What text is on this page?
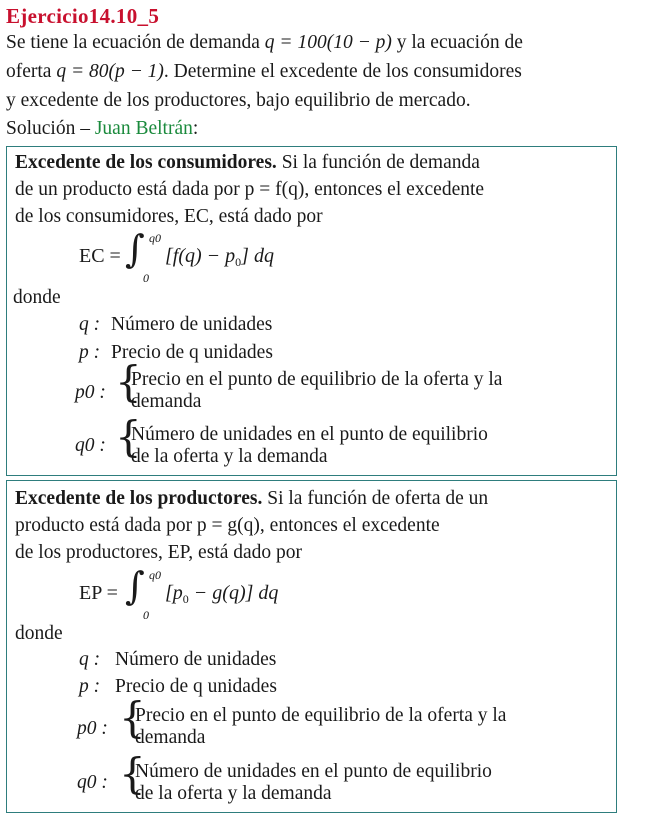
Ejercicio14.10_5
Se tiene la ecuación de demanda q = 100(10 − p) y la ecuación de
oferta q = 80(p − 1). Determine el excedente de los consumidores
y excedente de los productores, bajo equilibrio de mercado.
Solución – Juan Beltrán:
Excedente de los consumidores. Si la función de demanda
de un producto está dada por p = f(q), entonces el excedente
de los consumidores, EC, está dado por
EC = ∫ q0
0
$[f(q) - p_0]$ dq
donde
q : Número de unidades
p : Precio de q unidades
p0 : {
Precio en el punto de equilibrio de la oferta y la
demanda
q0 : {
Número de unidades en el punto de equilibrio
de la oferta y la demanda
Excedente de los productores. Si la función de oferta de un
producto está dada por p = g(q), entonces el excedente
de los productores, EP, está dado por
EP = ∫ q0
0
$[p_0 - g(q)]$ dq
donde
q : Número de unidades
p : Precio de q unidades
p0 : {
Precio en el punto de equilibrio de la oferta y la
demanda
q0 : {
Número de unidades en el punto de equilibrio
de la oferta y la demanda
